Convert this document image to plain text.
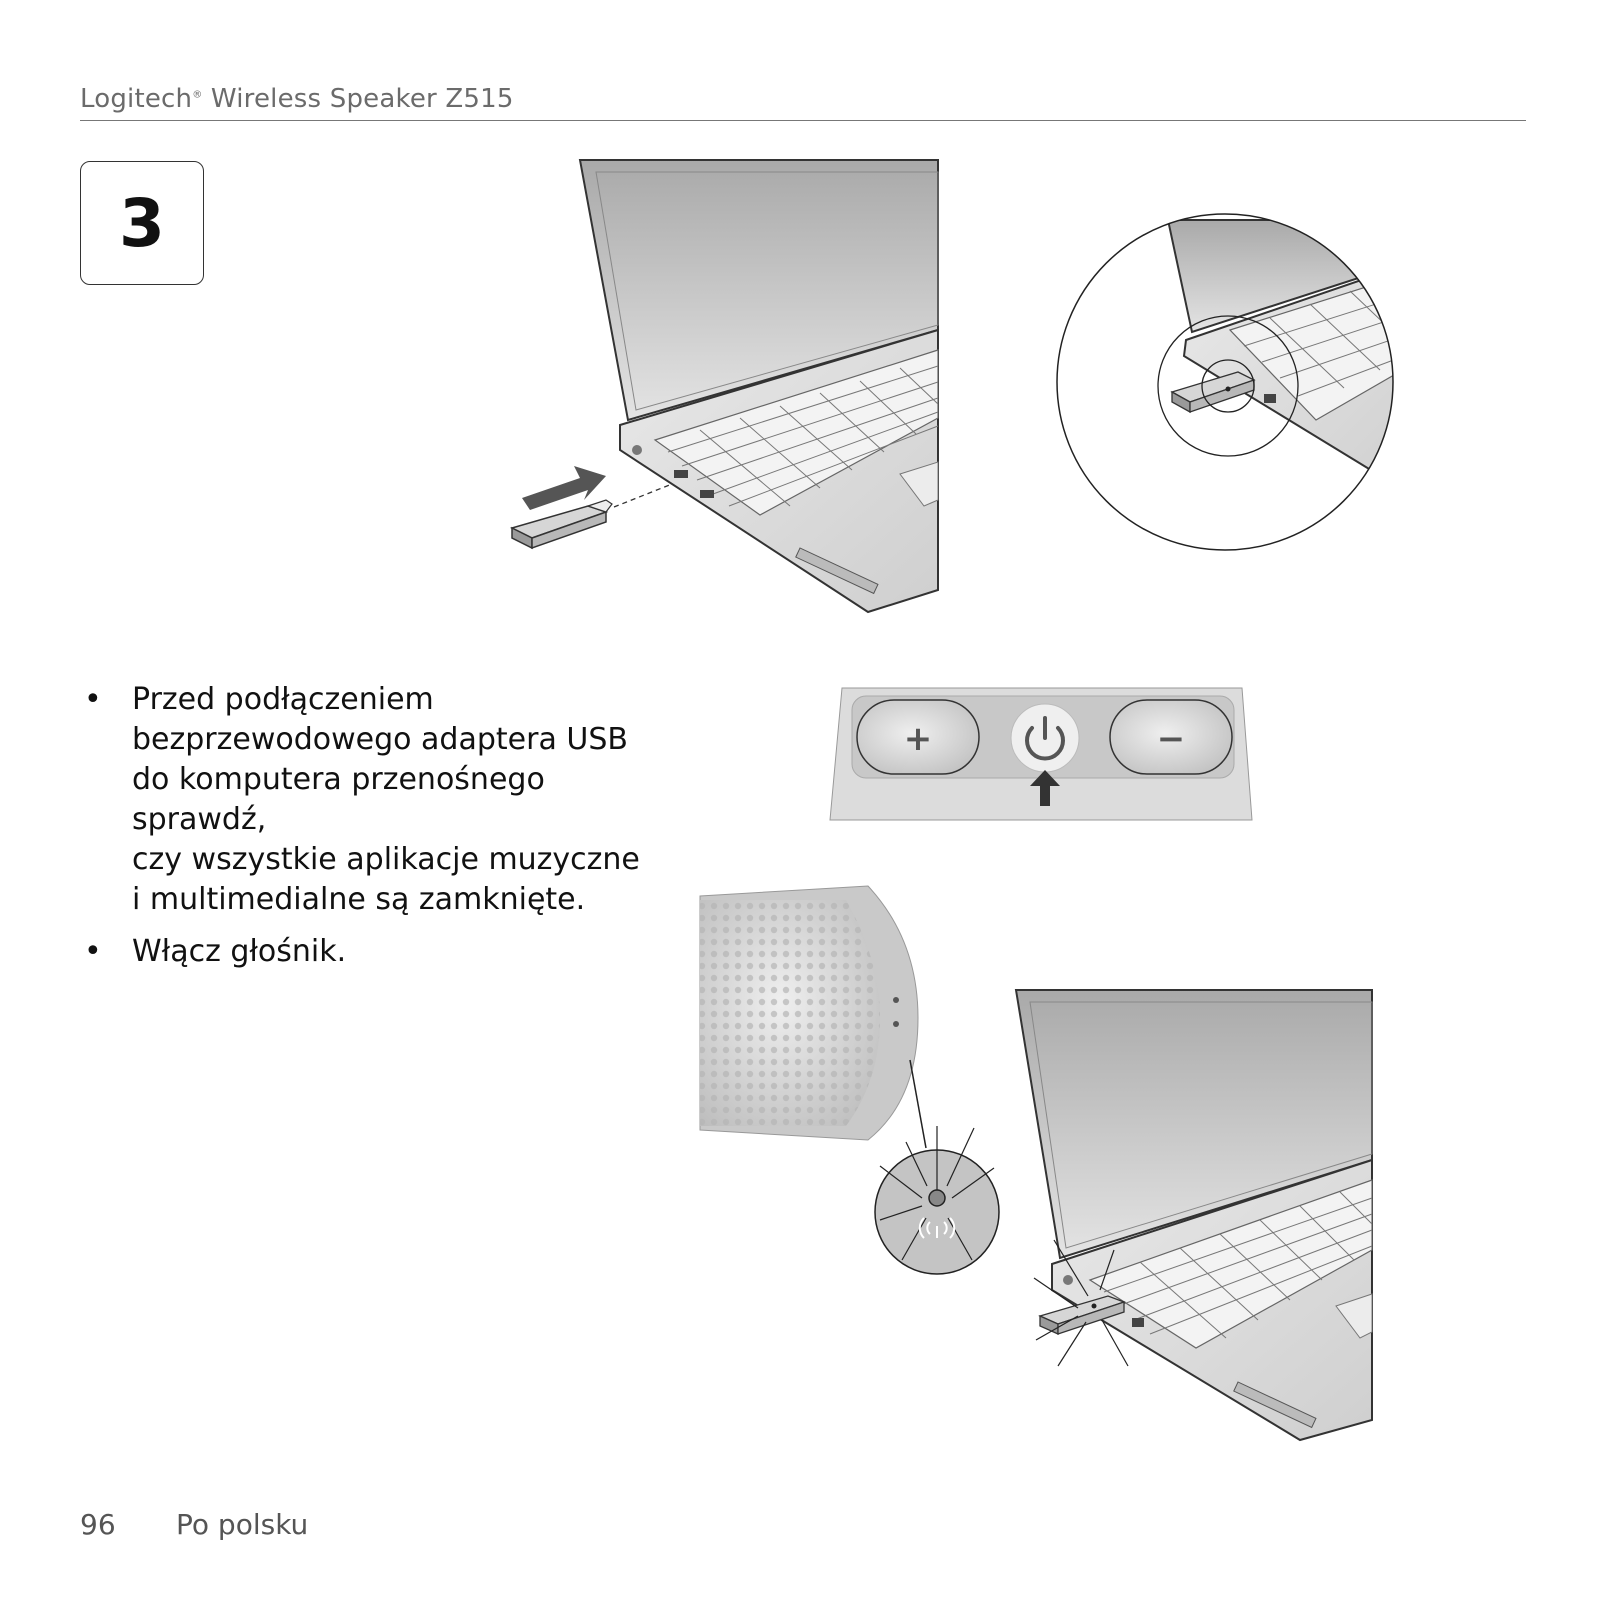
Logitech® Wireless Speaker Z515
3
• Przed podłączeniem
bezprzewodowego adaptera USB
do komputera przenośnego sprawdź,
czy wszystkie aplikacje muzyczne
i multimedialne są zamknięte.
• Włącz głośnik.
+	−
96 Po polsku
